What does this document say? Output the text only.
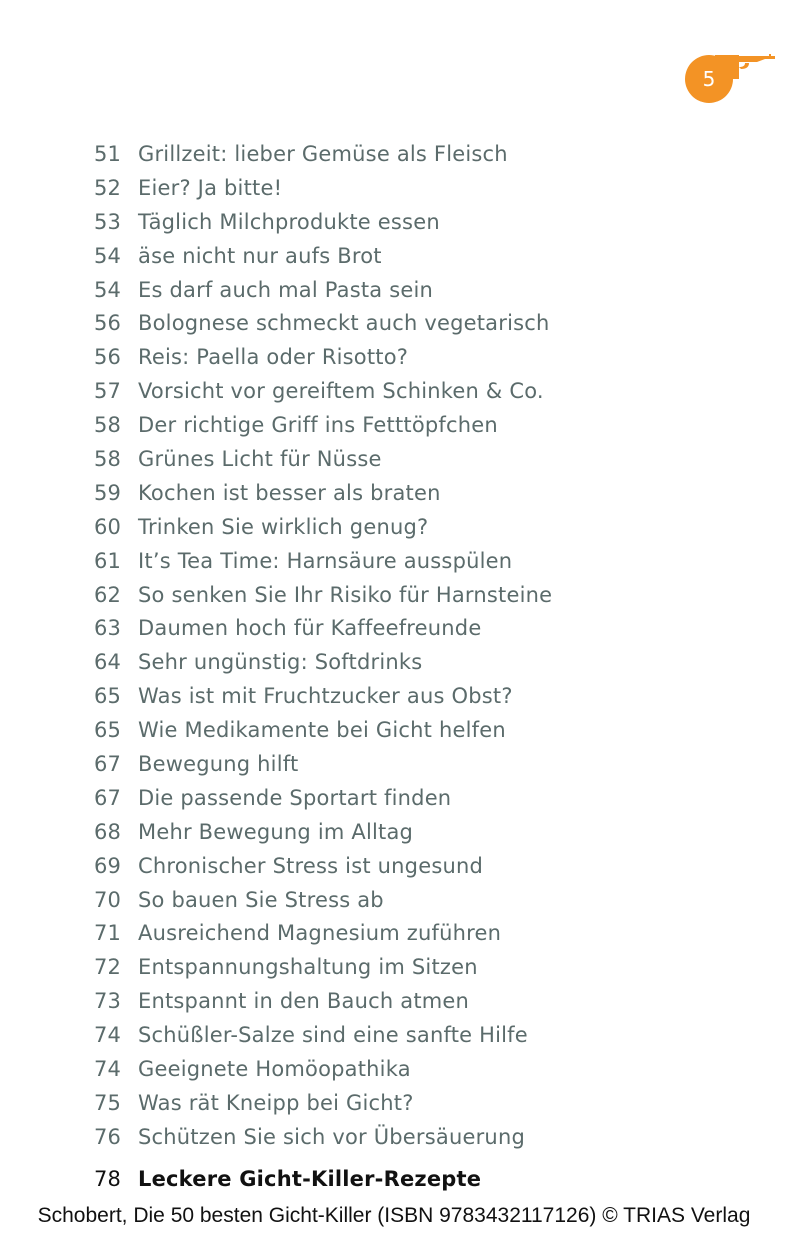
5
51 Grillzeit: lieber Gemüse als Fleisch
52 Eier? Ja bitte!
53 Täglich Milchprodukte essen
54 äse nicht nur aufs Brot
54 Es darf auch mal Pasta sein
56 Bolognese schmeckt auch vegetarisch
56 Reis: Paella oder Risotto?
57 Vorsicht vor gereiftem Schinken & Co.
58 Der richtige Griff ins Fetttöpfchen
58 Grünes Licht für Nüsse
59 Kochen ist besser als braten
60 Trinken Sie wirklich genug?
61 It’s Tea Time: Harnsäure ausspülen
62 So senken Sie Ihr Risiko für Harnsteine
63 Daumen hoch für Kaffeefreunde
64 Sehr ungünstig: Softdrinks
65 Was ist mit Fruchtzucker aus Obst?
65 Wie Medikamente bei Gicht helfen
67 Bewegung hilft
67 Die passende Sportart finden
68 Mehr Bewegung im Alltag
69 Chronischer Stress ist ungesund
70 So bauen Sie Stress ab
71 Ausreichend Magnesium zuführen
72 Entspannungshaltung im Sitzen
73 Entspannt in den Bauch atmen
74 Schüßler-Salze sind eine sanfte Hilfe
74 Geeignete Homöopathika
75 Was rät Kneipp bei Gicht?
76 Schützen Sie sich vor Übersäuerung
78 Leckere Gicht-Killer-Rezepte
Schobert, Die 50 besten Gicht-Killer (ISBN 9783432117126) © TRIAS Verlag
